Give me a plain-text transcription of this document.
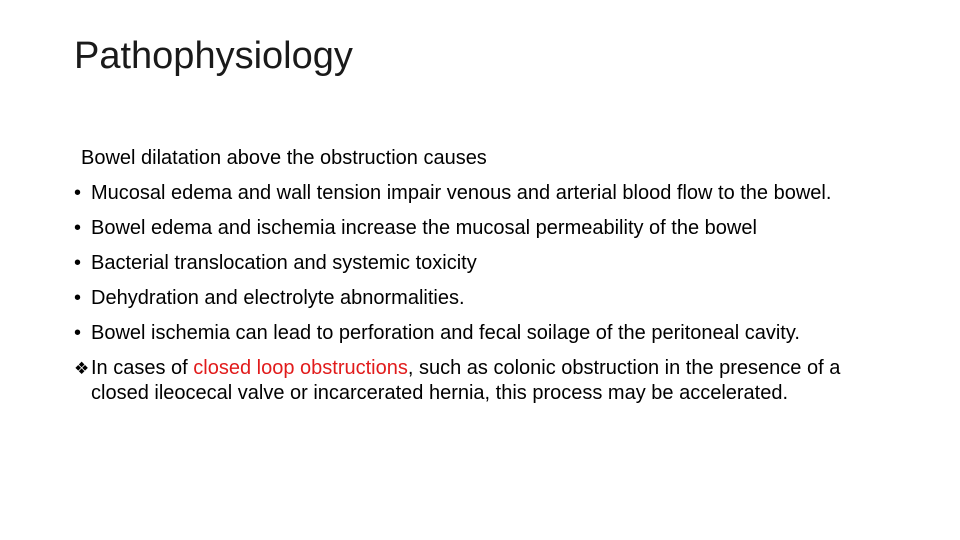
Pathophysiology

Bowel dilatation above the obstruction causes

• Mucosal edema and wall tension impair venous and arterial blood flow to the bowel.
• Bowel edema and ischemia increase the mucosal permeability of the bowel
• Bacterial translocation and systemic toxicity
• Dehydration and electrolyte abnormalities.
• Bowel ischemia can lead to perforation and fecal soilage of the peritoneal cavity.

❖ In cases of closed loop obstructions, such as colonic obstruction in the presence of a closed ileocecal valve or incarcerated hernia, this process may be accelerated.
